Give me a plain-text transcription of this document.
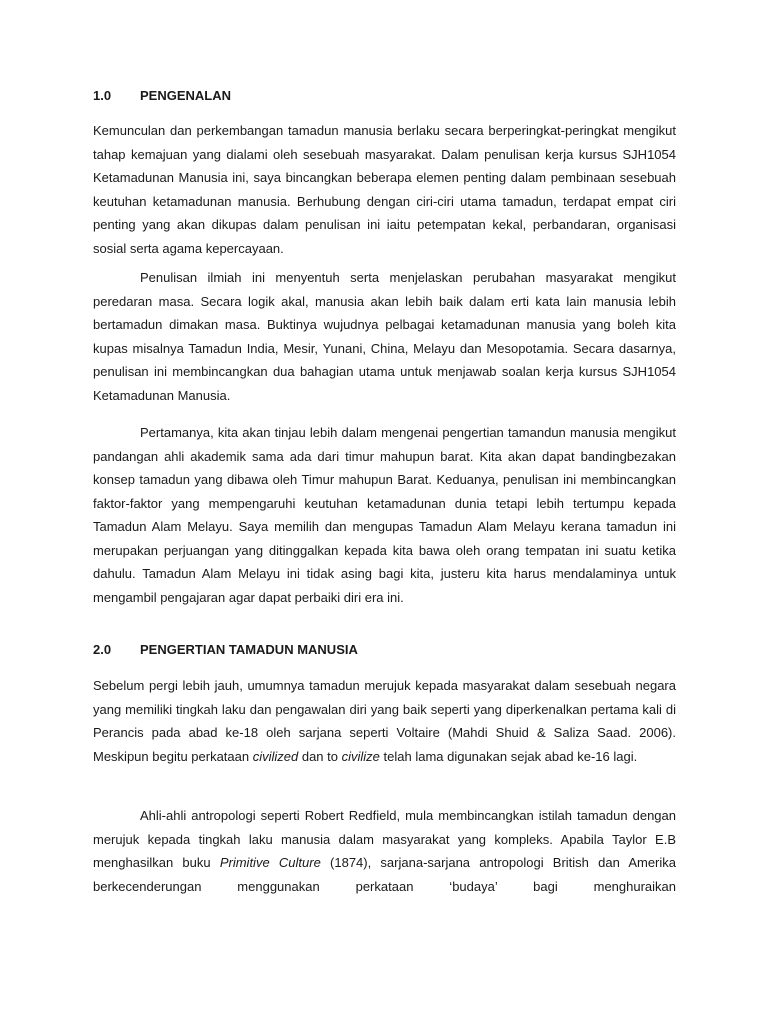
1.0 PENGENALAN

Kemunculan dan perkembangan tamadun manusia berlaku secara berperingkat-peringkat mengikut tahap kemajuan yang dialami oleh sesebuah masyarakat. Dalam penulisan kerja kursus SJH1054 Ketamadunan Manusia ini, saya bincangkan beberapa elemen penting dalam pembinaan sesebuah keutuhan ketamadunan manusia. Berhubung dengan ciri-ciri utama tamadun, terdapat empat ciri penting yang akan dikupas dalam penulisan ini iaitu petempatan kekal, perbandaran, organisasi sosial serta agama kepercayaan.

Penulisan ilmiah ini menyentuh serta menjelaskan perubahan masyarakat mengikut peredaran masa. Secara logik akal, manusia akan lebih baik dalam erti kata lain manusia lebih bertamadun dimakan masa. Buktinya wujudnya pelbagai ketamadunan manusia yang boleh kita kupas misalnya Tamadun India, Mesir, Yunani, China, Melayu dan Mesopotamia. Secara dasarnya, penulisan ini membincangkan dua bahagian utama untuk menjawab soalan kerja kursus SJH1054 Ketamadunan Manusia.

Pertamanya, kita akan tinjau lebih dalam mengenai pengertian tamandun manusia mengikut pandangan ahli akademik sama ada dari timur mahupun barat. Kita akan dapat bandingbezakan konsep tamadun yang dibawa oleh Timur mahupun Barat. Keduanya, penulisan ini membincangkan faktor-faktor yang mempengaruhi keutuhan ketamadunan dunia tetapi lebih tertumpu kepada Tamadun Alam Melayu. Saya memilih dan mengupas Tamadun Alam Melayu kerana tamadun ini merupakan perjuangan yang ditinggalkan kepada kita bawa oleh orang tempatan ini suatu ketika dahulu. Tamadun Alam Melayu ini tidak asing bagi kita, justeru kita harus mendalaminya untuk mengambil pengajaran agar dapat perbaiki diri era ini.

2.0 PENGERTIAN TAMADUN MANUSIA

Sebelum pergi lebih jauh, umumnya tamadun merujuk kepada masyarakat dalam sesebuah negara yang memiliki tingkah laku dan pengawalan diri yang baik seperti yang diperkenalkan pertama kali di Perancis pada abad ke-18 oleh sarjana seperti Voltaire (Mahdi Shuid & Saliza Saad. 2006). Meskipun begitu perkataan civilized dan to civilize telah lama digunakan sejak abad ke-16 lagi.

Ahli-ahli antropologi seperti Robert Redfield, mula membincangkan istilah tamadun dengan merujuk kepada tingkah laku manusia dalam masyarakat yang kompleks. Apabila Taylor E.B menghasilkan buku Primitive Culture (1874), sarjana-sarjana antropologi British dan Amerika berkecenderungan menggunakan perkataan ‘budaya’ bagi menghuraikan
